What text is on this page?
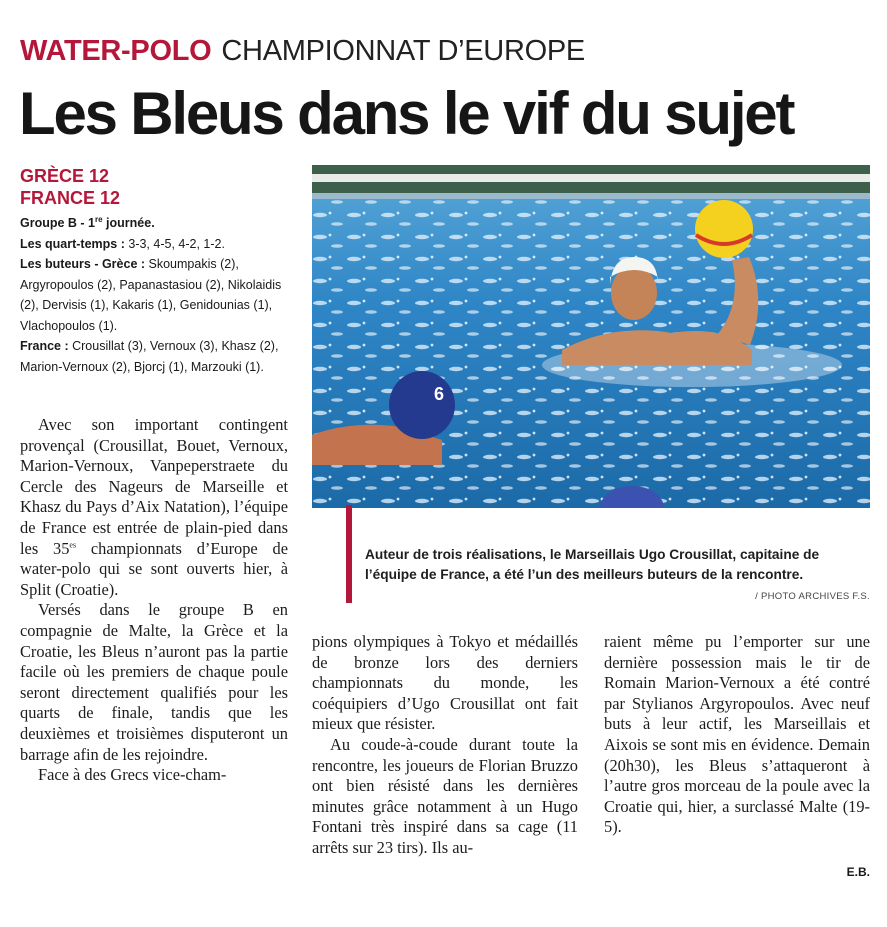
WATER-POLO CHAMPIONNAT D’EUROPE
Les Bleus dans le vif du sujet
GRÈCE 12
FRANCE 12

Groupe B - 1re journée.

Les quart-temps : 3-3, 4-5, 4-2, 1-2.

Les buteurs - Grèce : Skoumpakis (2), Argyropoulos (2), Papanastasiou (2), Nikolaidis (2), Dervisis (1), Kakaris (1), Genidounias (1), Vlachopoulos (1).

France : Crousillat (3), Vernoux (3), Khasz (2), Marion-Vernoux (2), Bjorcj (1), Marzouki (1).

Avec son important contingent provençal (Crousillat, Bouet, Vernoux, Marion-Vernoux, Vanpeperstraete du Cercle des Nageurs de Marseille et Khasz du Pays d’Aix Natation), l’équipe de France est entrée de plain-pied dans les $35^{es}$ championnats d’Europe de water-polo qui se sont ouverts hier, à Split (Croatie).

Versés dans le groupe B en compagnie de Malte, la Grèce et la Croatie, les Bleus n’auront pas la partie facile où les premiers de chaque poule seront directement qualifiés pour les quarts de finale, tandis que les deuxièmes et troisièmes disputeront un barrage afin de les rejoindre.

Face à des Grecs vice-cham-

pions olympiques à Tokyo et médaillés de bronze lors des derniers championnats du monde, les coéquipiers d’Ugo Crousillat ont fait mieux que résister.

Au coude-à-coude durant toute la rencontre, les joueurs de Florian Bruzzo ont bien résisté dans les dernières minutes grâce notamment à un Hugo Fontani très inspiré dans sa cage (11 arrêts sur 23 tirs). Ils au-

raient même pu l’emporter sur une dernière possession mais le tir de Romain Marion-Vernoux a été contré par Stylianos Argyropoulos. Avec neuf buts à leur actif, les Marseillais et Aixois se sont mis en évidence. Demain (20h30), les Bleus s’attaqueront à l’autre gros morceau de la poule avec la Croatie qui, hier, a surclassé Malte (19-5).

6
Auteur de trois réalisations, le Marseillais Ugo Crousillat, capitaine de l’équipe de France, a été l’un des meilleurs buteurs de la rencontre.
/ PHOTO ARCHIVES F.S.
E.B.
